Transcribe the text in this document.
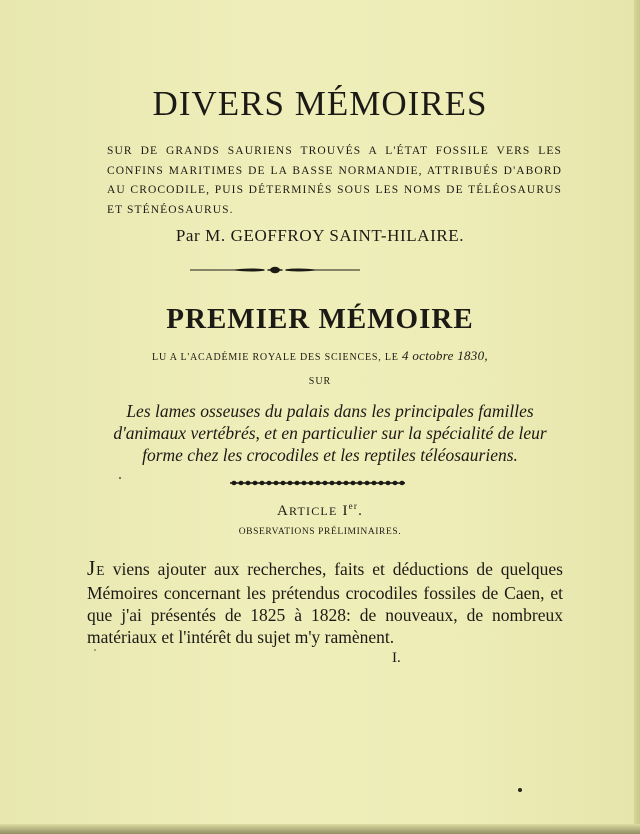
DIVERS MÉMOIRES

SUR DE GRANDS SAURIENS TROUVÉS A L'ÉTAT FOSSILE VERS LES CONFINS MARITIMES DE LA BASSE NORMANDIE, ATTRIBUÉS D'ABORD AU CROCODILE, PUIS DÉTERMINÉS SOUS LES NOMS DE TÉLÉOSAURUS ET STÉNÉOSAURUS.

Par M. GEOFFROY SAINT-HILAIRE.

PREMIER MÉMOIRE

LU A L'ACADÉMIE ROYALE DES SCIENCES, LE 4 octobre 1830,

SUR

Les lames osseuses du palais dans les principales familles d'animaux vertébrés, et en particulier sur la spécialité de leur forme chez les crocodiles et les reptiles téléosauriens.

ARTICLE Ier.

OBSERVATIONS PRÉLIMINAIRES.

JE viens ajouter aux recherches, faits et déductions de quelques Mémoires concernant les prétendus crocodiles fossiles de Caen, et que j'ai présentés de 1825 à 1828: de nouveaux, de nombreux matériaux et l'intérêt du sujet m'y ramènent.

I.
